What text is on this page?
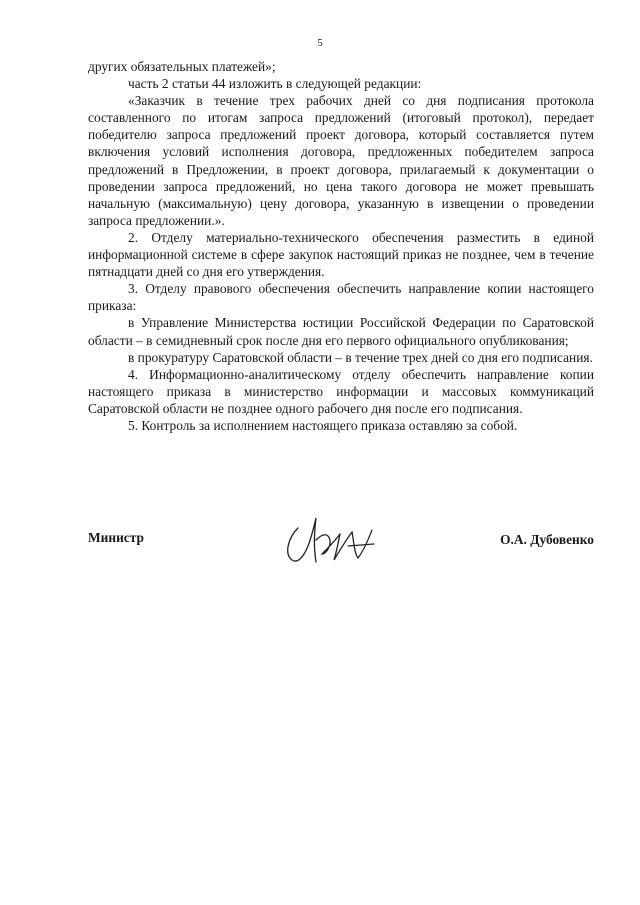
5

других обязательных платежей»;

часть 2 статьи 44 изложить в следующей редакции:

«Заказчик в течение трех рабочих дней со дня подписания протокола составленного по итогам запроса предложений (итоговый протокол), передает победителю запроса предложений проект договора, который составляется путем включения условий исполнения договора, предложенных победителем запроса предложений в Предложении, в проект договора, прилагаемый к документации о проведении запроса предложений, но цена такого договора не может превышать начальную (максимальную) цену договора, указанную в извещении о проведении запроса предложении.».

2. Отделу материально-технического обеспечения разместить в единой информационной системе в сфере закупок настоящий приказ не позднее, чем в течение пятнадцати дней со дня его утверждения.

3. Отделу правового обеспечения обеспечить направление копии настоящего приказа:

в Управление Министерства юстиции Российской Федерации по Саратовской области – в семидневный срок после дня его первого официального опубликования;

в прокуратуру Саратовской области – в течение трех дней со дня его подписания.

4. Информационно-аналитическому отделу обеспечить направление копии настоящего приказа в министерство информации и массовых коммуникаций Саратовской области не позднее одного рабочего дня после его подписания.

5. Контроль за исполнением настоящего приказа оставляю за собой.

Министр	О.А. Дубовенко
